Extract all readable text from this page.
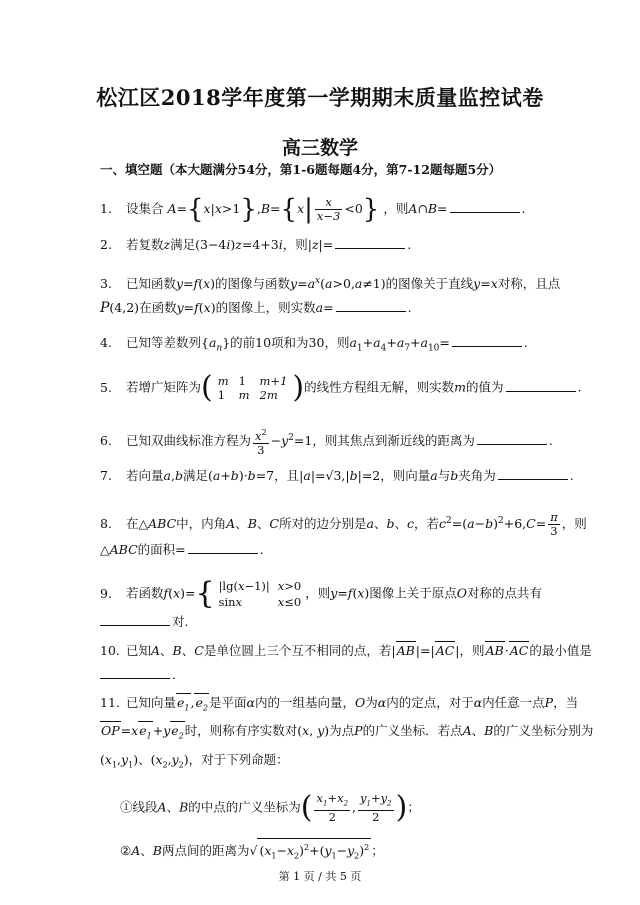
松江区2018学年度第一学期期末质量监控试卷
高三数学
一、填空题（本大题满分54分，第1-6题每题4分，第7-12题每题5分）
1. 设集合 $A=\{x|x>1\},B=\{x| \frac{x}{x-3} <0\}$ ，则A∩B=	.
2. 若复数z满足(3−4i)z=4+3i，则|z|=	.
3. 已知函数y=f(x)的图像与函数$y=a^x(a>0,a\ne 1)$的图像关于直线y=x对称，且点
P(4,2)在函数y=f(x)的图像上，则实数a=	.
4. 已知等差数列$\{a_n\}$的前10项和为30，则$a_1+a_4+a_7+a_{10}=$	.
5. 若增广矩阵为( m	1	m+1
1	m	2m )的线性方程组无解，则实数m的值为	.
6. 已知双曲线标准方程为 $\frac{x^2}{3} -y^2=1$，则其焦点到渐近线的距离为	.
7. 若向量a,b满足(a+b)·b=7，且|a|=√3,|b|=2，则向量a与b夹角为	.
8. 在△ABC中，内角A、B、C所对的边分别是a、b、c，若$c^2=(a-b)^2+6,C= \frac{\pi}{3}$ ，则
△ABC的面积=	.
9. 若函数f(x)={ |lg(x−1)|	x>0
sinx	x≤0，则y=f(x)图像上关于原点O对称的点共有
对.
10. 已知A、B、C是单位圆上三个互不相同的点，若|AB|=|AC|，则AB·AC的最小值是
.
11. 已知向量$e_1,e_2$是平面α内的一组基向量，O为α内的定点，对于α内任意一点P，当
$OP=xe_1+ye_2$时，则称有序实数对(x, y)为点P的广义坐标．若点A、B的广义坐标分别为
$(x_1,y_1)$、$(x_2,y_2)$，对于下列命题：
①线段A、B的中点的广义坐标为( $\frac{x_1+x_2}{2}$ , $\frac{y_1+y_2}{2}$ )；
②A、B两点间的距离为√ $(x_1-x_2)^2+(y_1-y_2)^2$ ；
第 1 页 / 共 5 页
